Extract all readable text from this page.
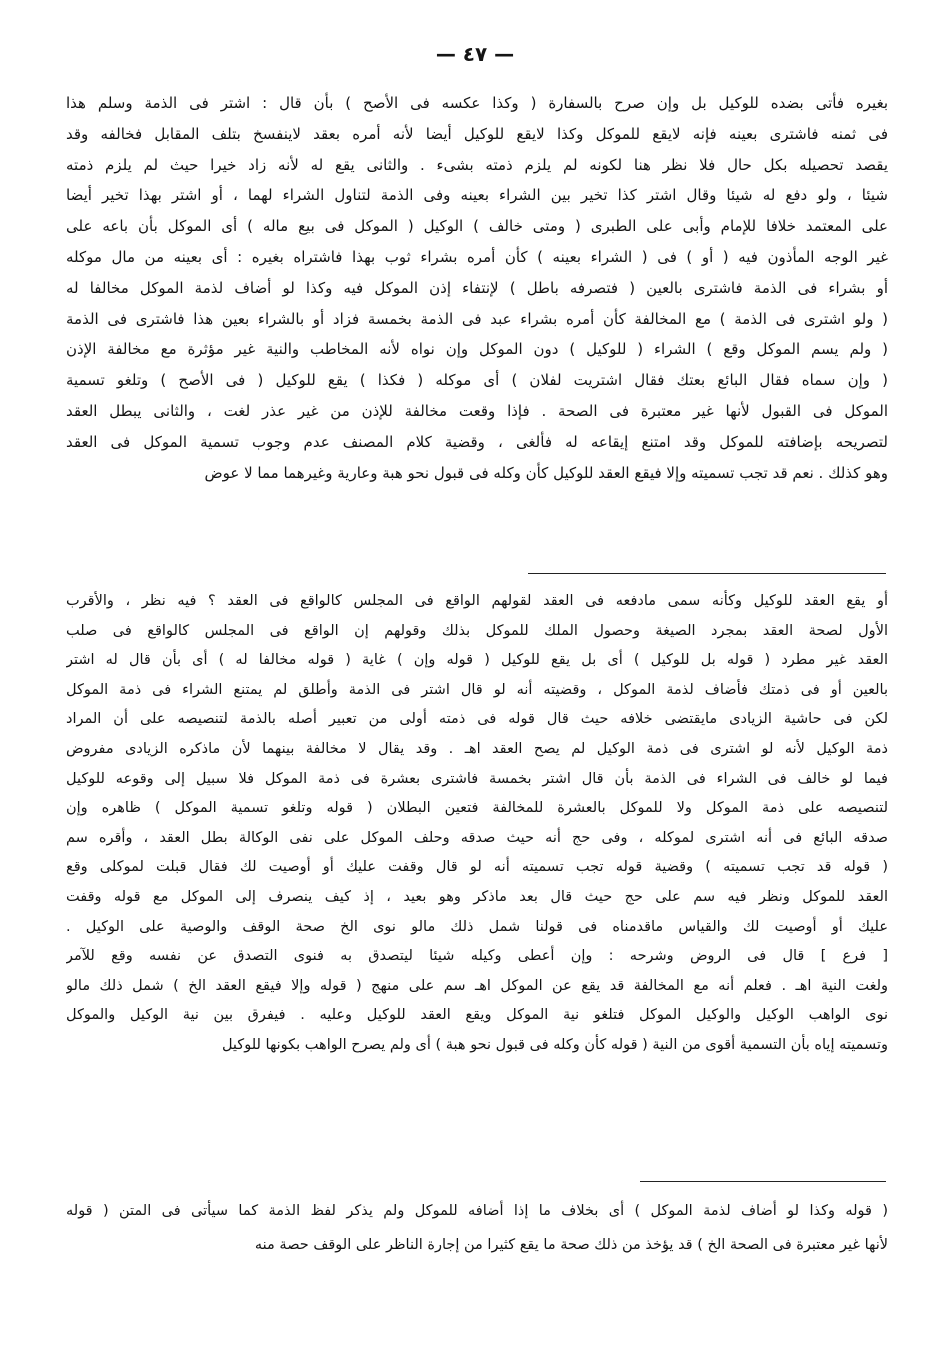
— ٤٧ —
بغيره فأتى بضده للوكيل بل وإن صرح بالسفارة ( وكذا عكسه فى الأصح ) بأن قال : اشتر فى الذمة وسلم هذا
فى ثمنه فاشترى بعينه فإنه لايقع للموكل وكذا لايقع للوكيل أيضا لأنه أمره بعقد لاينفسخ بتلف المقابل فخالفه وقد
يقصد تحصيله بكل حال فلا نظر هنا لكونه لم يلزم ذمته بشىء . والثانى يقع له لأنه زاد خيرا حيث لم يلزم ذمته
شيئا ، ولو دفع له شيئا وقال اشتر كذا تخير بين الشراء بعينه وفى الذمة لتناول الشراء لهما ، أو اشتر بهذا تخير أيضا
على المعتمد خلافا للإمام وأبى على الطبرى ( ومتى خالف ) الوكيل ( الموكل فى بيع ماله ) أى الموكل بأن باعه على
غير الوجه المأذون فيه ( أو ) فى ( الشراء بعينه ) كأن أمره بشراء ثوب بهذا فاشتراه بغيره : أى بعينه من مال موكله
أو بشراء فى الذمة فاشترى بالعين ( فتصرفه باطل ) لإنتفاء إذن الموكل فيه وكذا لو أضاف لذمة الموكل مخالفا له
( ولو اشترى فى الذمة ) مع المخالفة كأن أمره بشراء عبد فى الذمة بخمسة فزاد أو بالشراء بعين هذا فاشترى فى الذمة
( ولم يسم الموكل وقع ) الشراء ( للوكيل ) دون الموكل وإن نواه لأنه المخاطب والنية غير مؤثرة مع مخالفة الإذن
( وإن سماه فقال البائع بعتك فقال اشتريت لفلان ) أى موكله ( فكذا ) يقع للوكيل ( فى الأصح ) وتلغو تسمية
الموكل فى القبول لأنها غير معتبرة فى الصحة . فإذا وقعت مخالفة للإذن من غير عذر لغت ، والثانى يبطل العقد
لتصريحه بإضافته للموكل وقد امتنع إيقاعه له فألغى ، وقضية كلام المصنف عدم وجوب تسمية الموكل فى العقد
وهو كذلك . نعم قد تجب تسميته وإلا فيقع العقد للوكيل كأن وكله فى قبول نحو هبة وعارية وغيرهما مما لا عوض
أو يقع العقد للوكيل وكأنه سمى مادفعه فى العقد لقولهم الواقع فى المجلس كالواقع فى العقد ؟ فيه نظر ، والأقرب
الأول لصحة العقد بمجرد الصيغة وحصول الملك للموكل بذلك وقولهم إن الواقع فى المجلس كالواقع فى صلب
العقد غير مطرد ( قوله بل للوكيل ) أى بل يقع للوكيل ( قوله وإن ) غاية ( قوله مخالفا له ) أى بأن قال له اشتر
بالعين أو فى ذمتك فأضاف لذمة الموكل ، وقضيته أنه لو قال اشتر فى الذمة وأطلق لم يمتنع الشراء فى ذمة الموكل
لكن فى حاشية الزيادى مايقتضى خلافه حيث قال قوله فى ذمته أولى من تعبير أصله بالذمة لتنصيصه على أن المراد
ذمة الوكيل لأنه لو اشترى فى ذمة الوكيل لم يصح العقد اهـ . وقد يقال لا مخالفة بينهما لأن ماذكره الزيادى مفروض
فيما لو خالف فى الشراء فى الذمة بأن قال اشتر بخمسة فاشترى بعشرة فى ذمة الموكل فلا سبيل إلى وقوعه للوكيل
لتنصيصه على ذمة الموكل ولا للموكل بالعشرة للمخالفة فتعين البطلان ( قوله وتلغو تسمية الموكل ) ظاهره وإن
صدقه البائع فى أنه اشترى لموكله ، وفى حج أنه حيث صدقه وحلف الموكل على نفى الوكالة بطل العقد ، وأقره سم
( قوله قد تجب تسميته ) وقضية قوله تجب تسميته أنه لو قال وقفت عليك أو أوصيت لك فقال قبلت لموكلى وقع
العقد للموكل ونظر فيه سم على حج حيث قال بعد ماذكر وهو بعيد ، إذ كيف ينصرف إلى الموكل مع قوله وقفت
عليك أو أوصيت لك والقياس ماقدمناه فى قولنا شمل ذلك مالو نوى الخ صحة الوقف والوصية على الوكيل .
[ فرع ] قال فى الروض وشرحه : وإن أعطى وكيله شيئا ليتصدق به فنوى التصدق عن نفسه وقع للآمر
ولغت النية اهـ . فعلم أنه مع المخالفة قد يقع عن الموكل اهـ سم على منهج ( قوله وإلا فيقع العقد الخ ) شمل ذلك مالو
نوى الواهب الوكيل والوكيل الموكل فتلغو نية الموكل ويقع العقد للوكيل وعليه . فيفرق بين نية الوكيل والموكل
وتسميته إياه بأن التسمية أقوى من النية ( قوله كأن وكله فى قبول نحو هبة ) أى ولم يصرح الواهب بكونها للوكيل
( قوله وكذا لو أضاف لذمة الموكل ) أى بخلاف ما إذا أضافه للموكل ولم يذكر لفظ الذمة كما سيأتى فى المتن ( قوله
لأنها غير معتبرة فى الصحة الخ ) قد يؤخذ من ذلك صحة ما يقع كثيرا من إجارة الناظر على الوقف حصة منه
